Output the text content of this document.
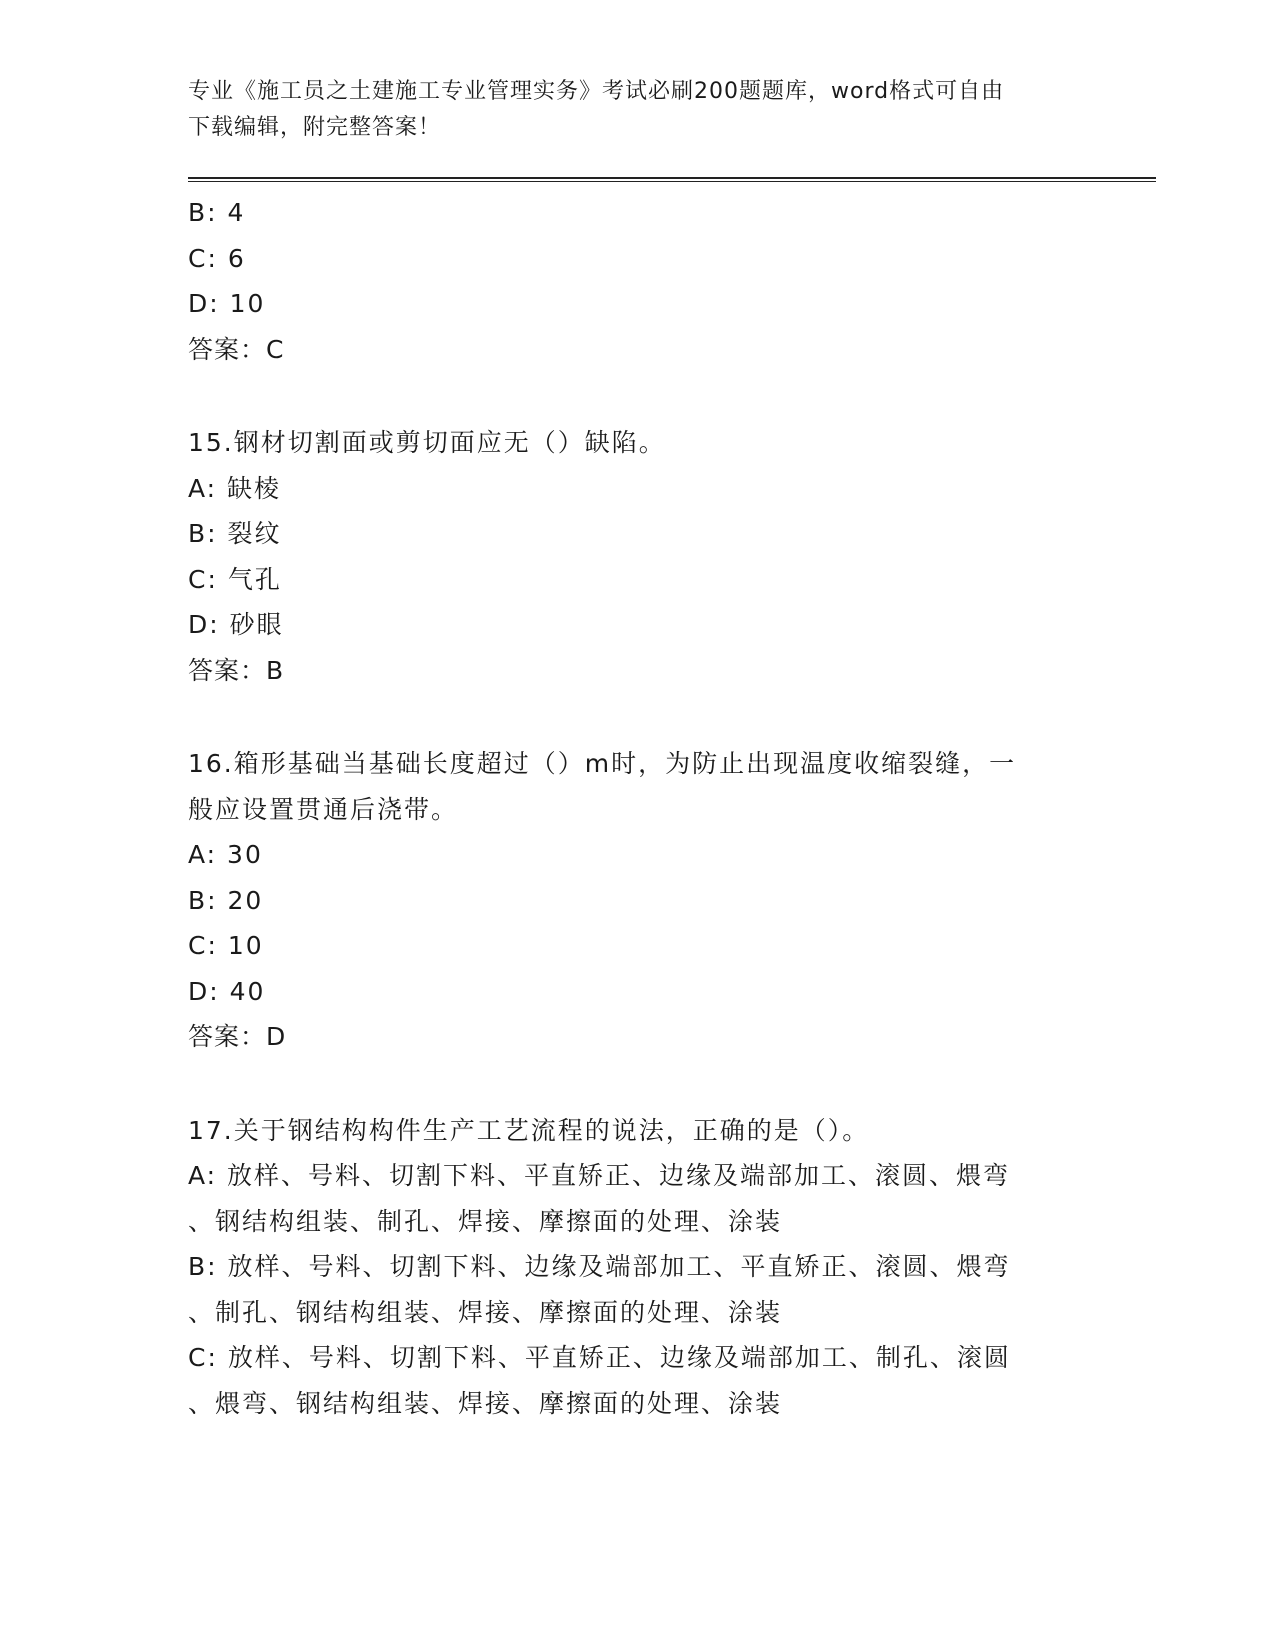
专业《施工员之土建施工专业管理实务》考试必刷200题题库，word格式可自由
下载编辑，附完整答案！
B: 4
C: 6
D: 10
答案：C
15.钢材切割面或剪切面应无（）缺陷。
A: 缺棱
B: 裂纹
C: 气孔
D: 砂眼
答案：B
16.箱形基础当基础长度超过（）m时，为防止出现温度收缩裂缝，一
般应设置贯通后浇带。
A: 30
B: 20
C: 10
D: 40
答案：D
17.关于钢结构构件生产工艺流程的说法，正确的是（）。
A: 放样、号料、切割下料、平直矫正、边缘及端部加工、滚圆、煨弯
、钢结构组装、制孔、焊接、摩擦面的处理、涂装
B: 放样、号料、切割下料、边缘及端部加工、平直矫正、滚圆、煨弯
、制孔、钢结构组装、焊接、摩擦面的处理、涂装
C: 放样、号料、切割下料、平直矫正、边缘及端部加工、制孔、滚圆
、煨弯、钢结构组装、焊接、摩擦面的处理、涂装
